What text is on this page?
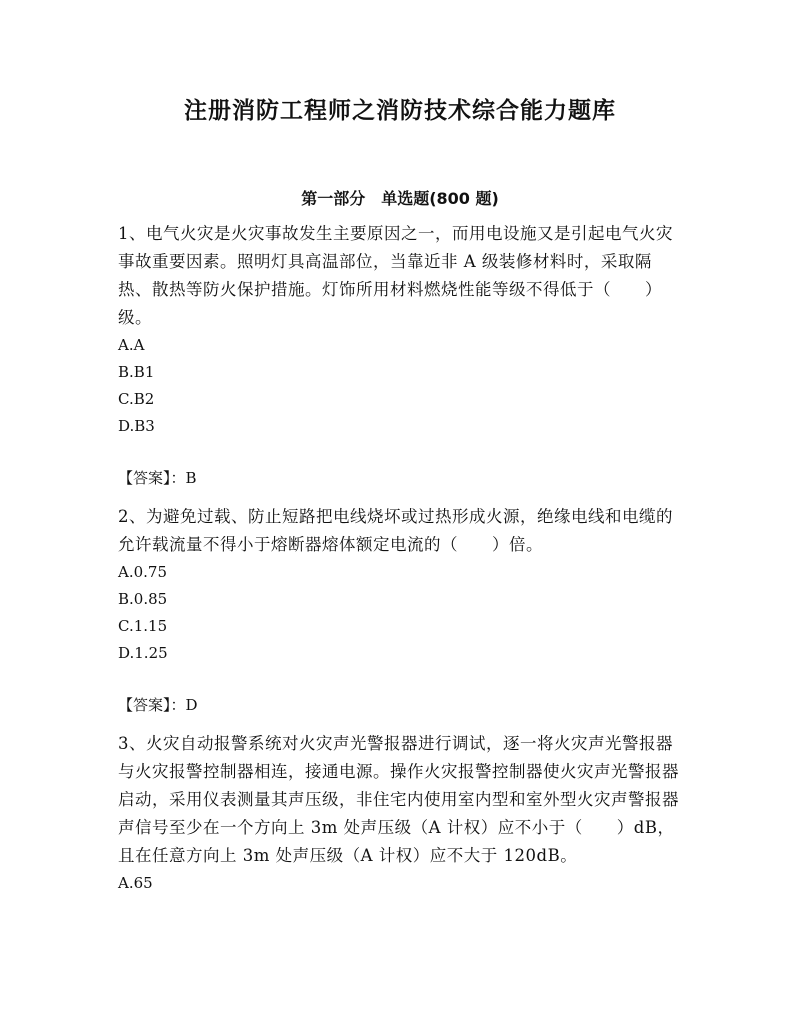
注册消防工程师之消防技术综合能力题库
第一部分　单选题(800 题)

1、电气火灾是火灾事故发生主要原因之一，而用电设施又是引起电气火灾事故重要因素。照明灯具高温部位，当靠近非 A 级装修材料时，采取隔热、散热等防火保护措施。灯饰所用材料燃烧性能等级不得低于（　　）级。

A.A

B.B1

C.B2

D.B3

【答案】：B

2、为避免过载、防止短路把电线烧坏或过热形成火源，绝缘电线和电缆的允许载流量不得小于熔断器熔体额定电流的（　　）倍。

A.0.75

B.0.85

C.1.15

D.1.25

【答案】：D

3、火灾自动报警系统对火灾声光警报器进行调试，逐一将火灾声光警报器与火灾报警控制器相连，接通电源。操作火灾报警控制器使火灾声光警报器启动，采用仪表测量其声压级，非住宅内使用室内型和室外型火灾声警报器声信号至少在一个方向上 3m 处声压级（A 计权）应不小于（　　）dB，且在任意方向上 3m 处声压级（A 计权）应不大于 120dB。

A.65
